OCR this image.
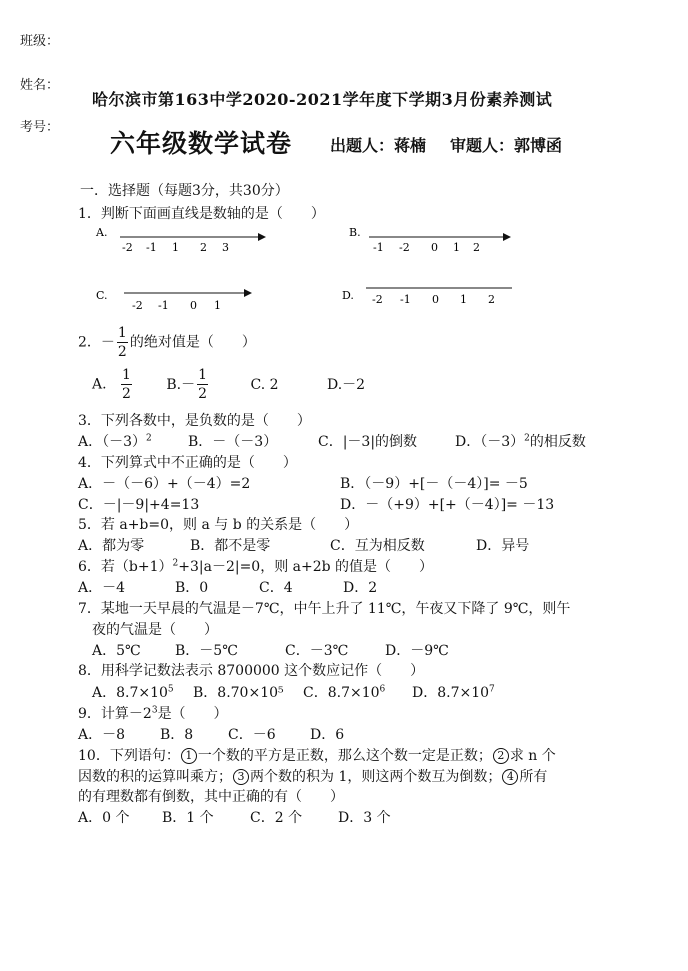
班级：
姓名：
考号：
哈尔滨市第163中学2020-2021学年度下学期3月份素养测试
六年级数学试卷 出题人：蒋楠 审题人：郭博函
一．选择题（每题3分，共30分）
1．判断下面画直线是数轴的是（　　）
A.
-2 -1 1 2 3
B.
-1 -2 0 1 2
C.
-2 -1 0 1
D. -2 -1 0 1 2
2．－ $\frac{1}{2}$ 的绝对值是（　　）
A. $\frac{1}{2} B.- \frac{1}{2}$	C. 2	D.－2
3．下列各数中，是负数的是（　　）
A．$(-3)^2$	B．－（－3）	C．|－3|的倒数	D．$(-3)^2$的相反数
4．下列算式中不正确的是（　　）
A．－（－6）+（－4）=2	B．（－9）+[－（－4）]= －5
C．－|－9|+4=13	D．－（+9）+[+（－4）]= －13
5．若 a+b=0，则 a 与 b 的关系是（　　）
A．都为零	B．都不是零	C．互为相反数	D．异号
6．若$(b+1)^2+3|a-2|=0$，则 a+2b 的值是（　　）
A．－4	B．0	C．4	D．2
7．某地一天早晨的气温是－7℃，中午上升了 11℃，午夜又下降了 9℃，则午
夜的气温是（　　）
A．5℃ B．－5℃	C．－3℃	D．－9℃
8．用科学记数法表示 8700000 这个数应记作（　　）
A．$8.7\times 10^5$ B．8.70×10⁵ C．$8.7\times 10^6$ D．$8.7\times 10^7$
9．计算$-2^3$是（　　）
A．－8 B．8 C．－6 D．6
10．下列语句： 1 一个数的平方是正数，那么这个数一定是正数； 2 求 n 个
因数的积的运算叫乘方； 3 两个数的积为 1，则这两个数互为倒数； 4 所有
的有理数都有倒数，其中正确的有（　　）
A．0 个 B．1 个	C．2 个	D．3 个
